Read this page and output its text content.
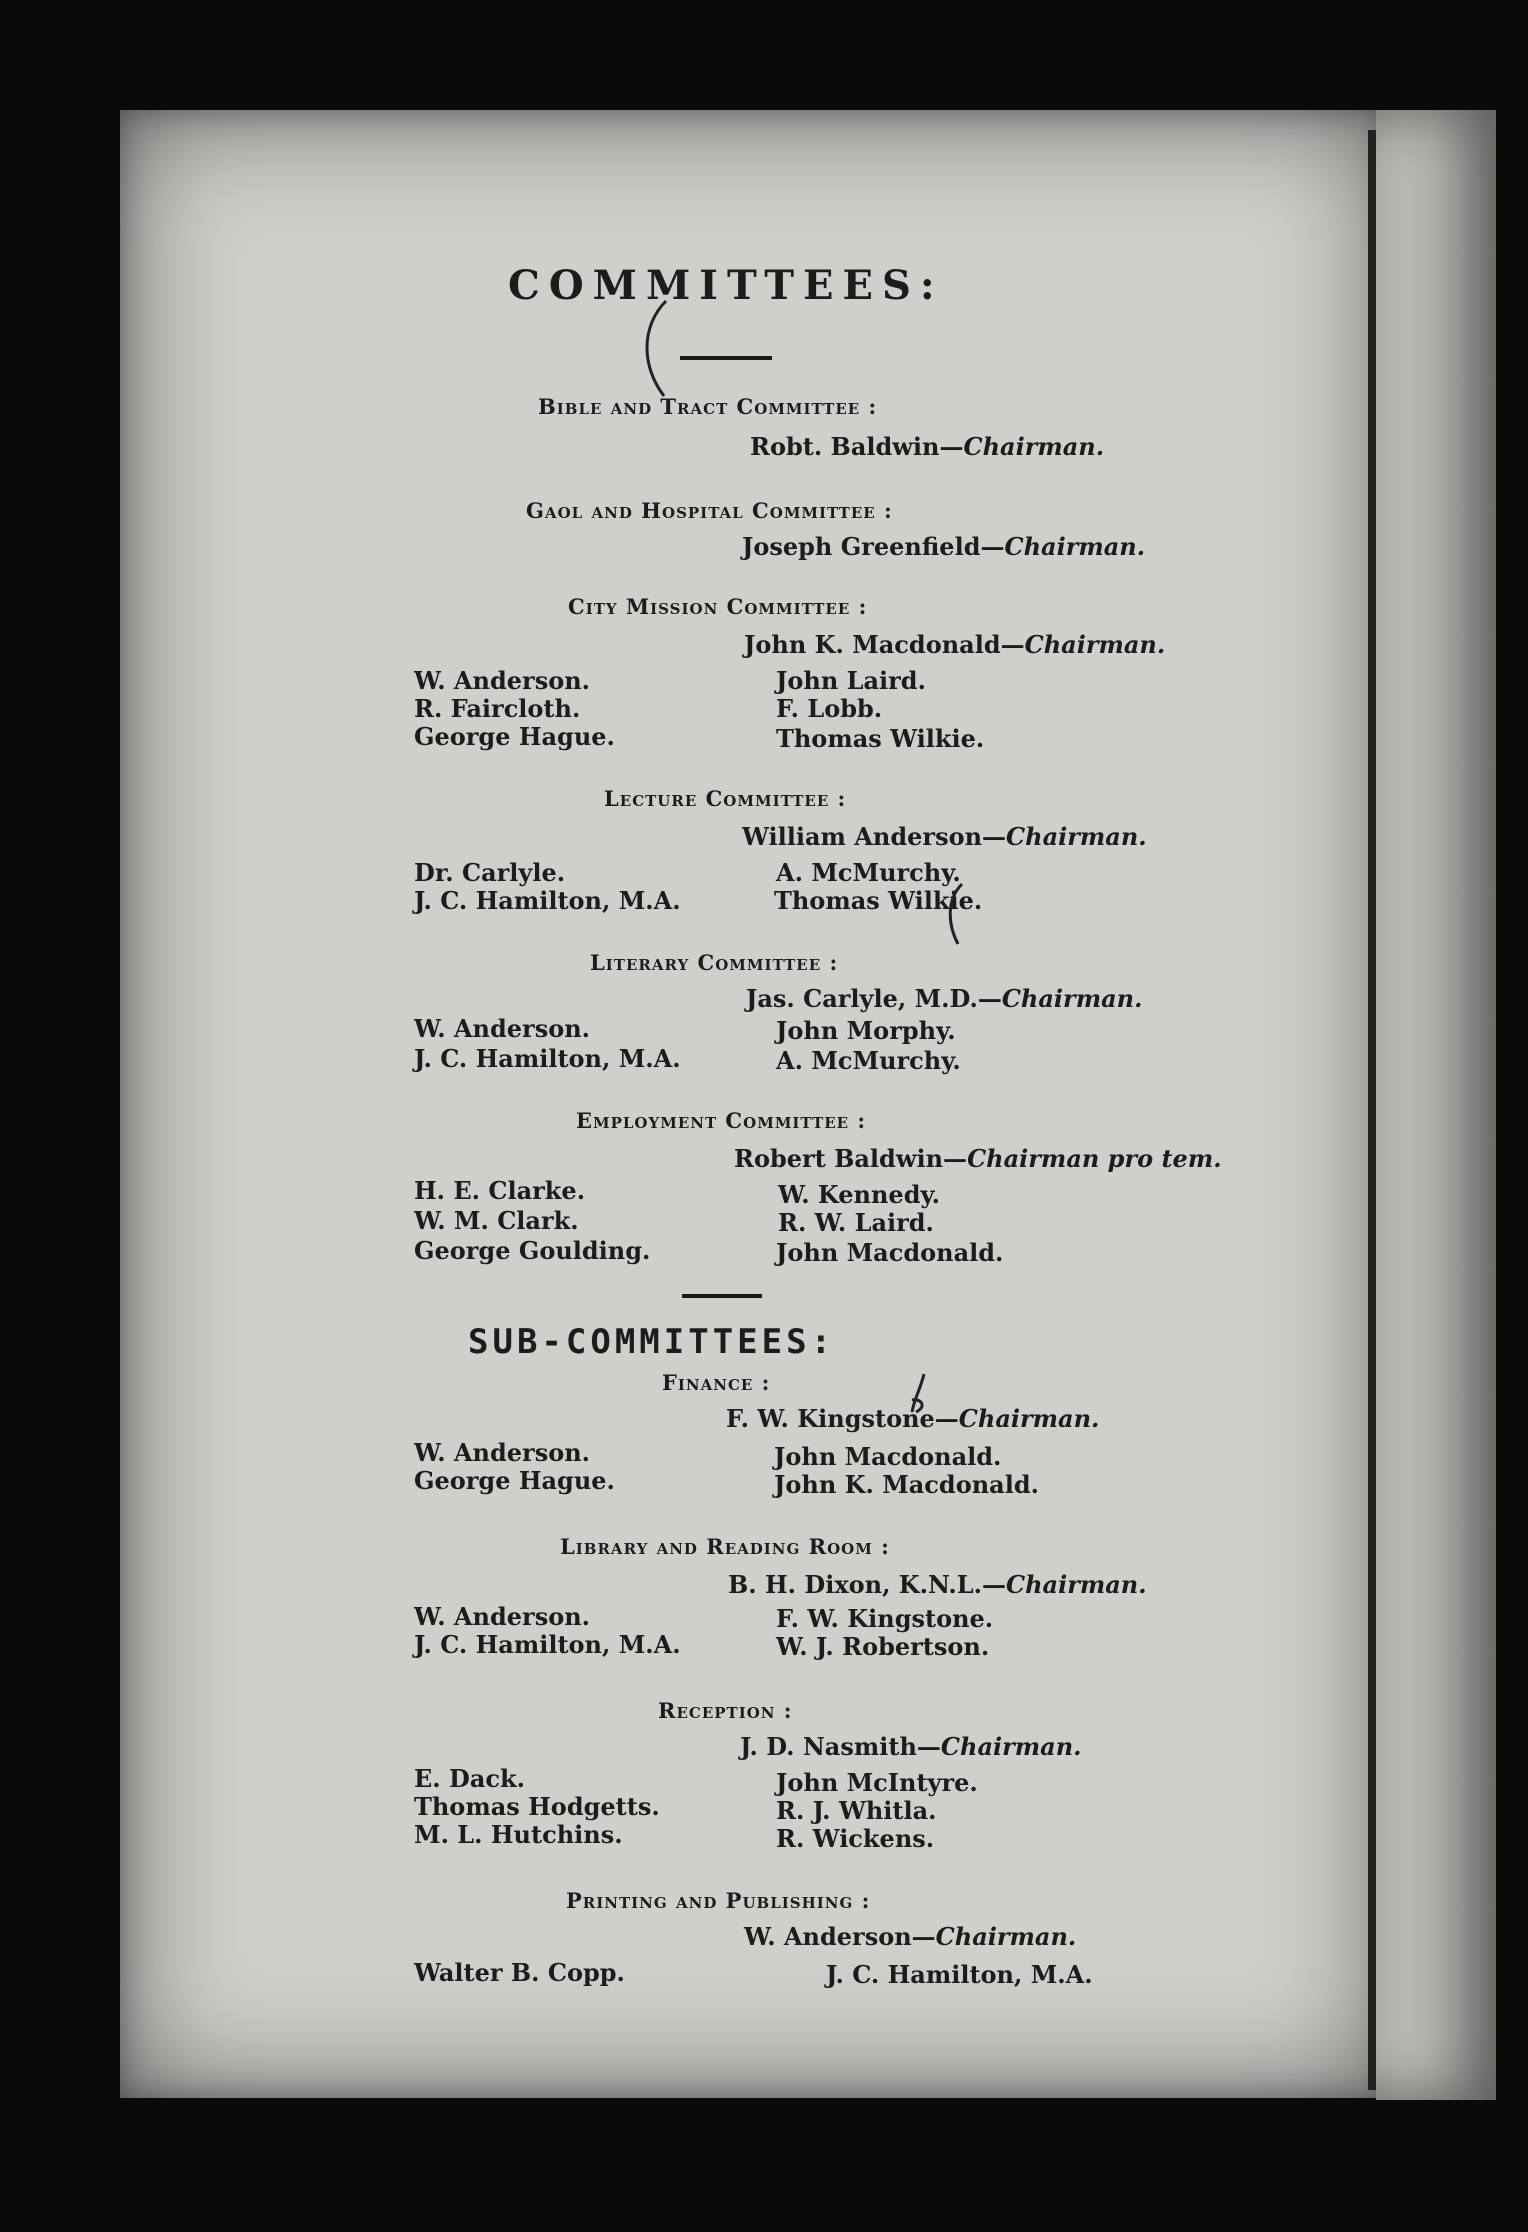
COMMITTEES:
Bible and Tract Committee :
Robt. Baldwin—Chairman.
Gaol and Hospital Committee :
Joseph Greenfield—Chairman.
City Mission Committee :
John K. Macdonald—Chairman.
W. Anderson.
R. Faircloth.
George Hague.
John Laird.
F. Lobb.
Thomas Wilkie.
Lecture Committee :
William Anderson—Chairman.
Dr. Carlyle.
J. C. Hamilton, M.A.
A. McMurchy.
Thomas Wilkie.
Literary Committee :
Jas. Carlyle, M.D.—Chairman.
W. Anderson.
J. C. Hamilton, M.A.
John Morphy.
A. McMurchy.
Employment Committee :
Robert Baldwin—Chairman pro tem.
H. E. Clarke.
W. M. Clark.
George Goulding.
W. Kennedy.
R. W. Laird.
John Macdonald.
SUB-COMMITTEES:
Finance :
F. W. Kingstone—Chairman.
W. Anderson.
George Hague.
John Macdonald.
John K. Macdonald.
Library and Reading Room :
B. H. Dixon, K.N.L.—Chairman.
W. Anderson.
J. C. Hamilton, M.A.
F. W. Kingstone.
W. J. Robertson.
Reception :
J. D. Nasmith—Chairman.
E. Dack.
Thomas Hodgetts.
M. L. Hutchins.
John McIntyre.
R. J. Whitla.
R. Wickens.
Printing and Publishing :
W. Anderson—Chairman.
Walter B. Copp.	J. C. Hamilton, M.A.
